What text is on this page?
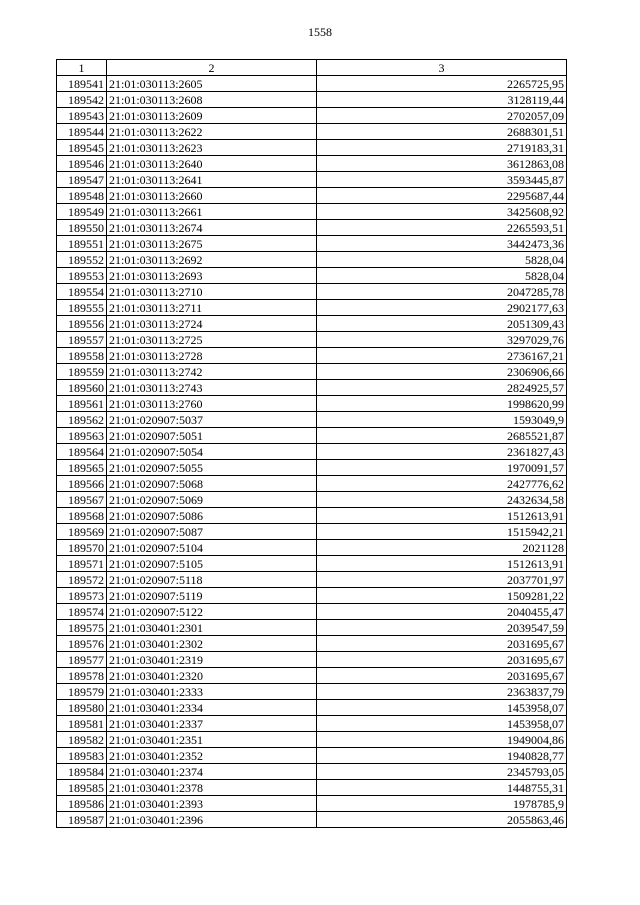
1558
1	2	3
189541	21:01:030113:2605	2265725,95
189542	21:01:030113:2608	3128119,44
189543	21:01:030113:2609	2702057,09
189544	21:01:030113:2622	2688301,51
189545	21:01:030113:2623	2719183,31
189546	21:01:030113:2640	3612863,08
189547	21:01:030113:2641	3593445,87
189548	21:01:030113:2660	2295687,44
189549	21:01:030113:2661	3425608,92
189550	21:01:030113:2674	2265593,51
189551	21:01:030113:2675	3442473,36
189552	21:01:030113:2692	5828,04
189553	21:01:030113:2693	5828,04
189554	21:01:030113:2710	2047285,78
189555	21:01:030113:2711	2902177,63
189556	21:01:030113:2724	2051309,43
189557	21:01:030113:2725	3297029,76
189558	21:01:030113:2728	2736167,21
189559	21:01:030113:2742	2306906,66
189560	21:01:030113:2743	2824925,57
189561	21:01:030113:2760	1998620,99
189562	21:01:020907:5037	1593049,9
189563	21:01:020907:5051	2685521,87
189564	21:01:020907:5054	2361827,43
189565	21:01:020907:5055	1970091,57
189566	21:01:020907:5068	2427776,62
189567	21:01:020907:5069	2432634,58
189568	21:01:020907:5086	1512613,91
189569	21:01:020907:5087	1515942,21
189570	21:01:020907:5104	2021128
189571	21:01:020907:5105	1512613,91
189572	21:01:020907:5118	2037701,97
189573	21:01:020907:5119	1509281,22
189574	21:01:020907:5122	2040455,47
189575	21:01:030401:2301	2039547,59
189576	21:01:030401:2302	2031695,67
189577	21:01:030401:2319	2031695,67
189578	21:01:030401:2320	2031695,67
189579	21:01:030401:2333	2363837,79
189580	21:01:030401:2334	1453958,07
189581	21:01:030401:2337	1453958,07
189582	21:01:030401:2351	1949004,86
189583	21:01:030401:2352	1940828,77
189584	21:01:030401:2374	2345793,05
189585	21:01:030401:2378	1448755,31
189586	21:01:030401:2393	1978785,9
189587	21:01:030401:2396	2055863,46
